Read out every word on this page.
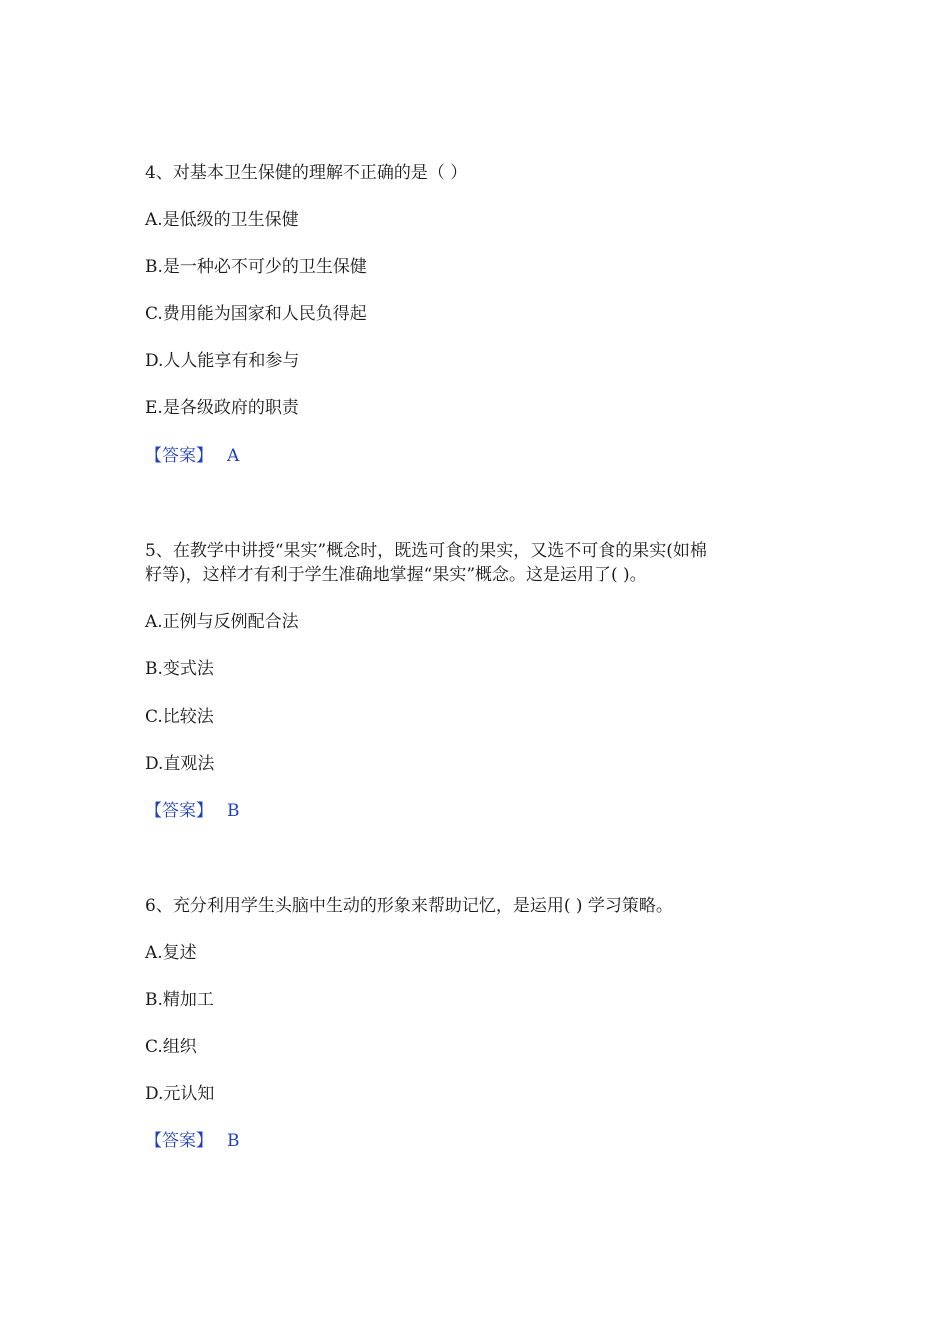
4、对基本卫生保健的理解不正确的是（ ）
A.是低级的卫生保健
B.是一种必不可少的卫生保健
C.费用能为国家和人民负得起
D.人人能享有和参与
E.是各级政府的职责
【答案】 A
5、在教学中讲授“果实”概念时，既选可食的果实，又选不可食的果实(如棉
籽等)，这样才有利于学生准确地掌握“果实”概念。这是运用了( )。
A.正例与反例配合法
B.变式法
C.比较法
D.直观法
【答案】 B
6、充分利用学生头脑中生动的形象来帮助记忆，是运用( ) 学习策略。
A.复述
B.精加工
C.组织
D.元认知
【答案】 B
